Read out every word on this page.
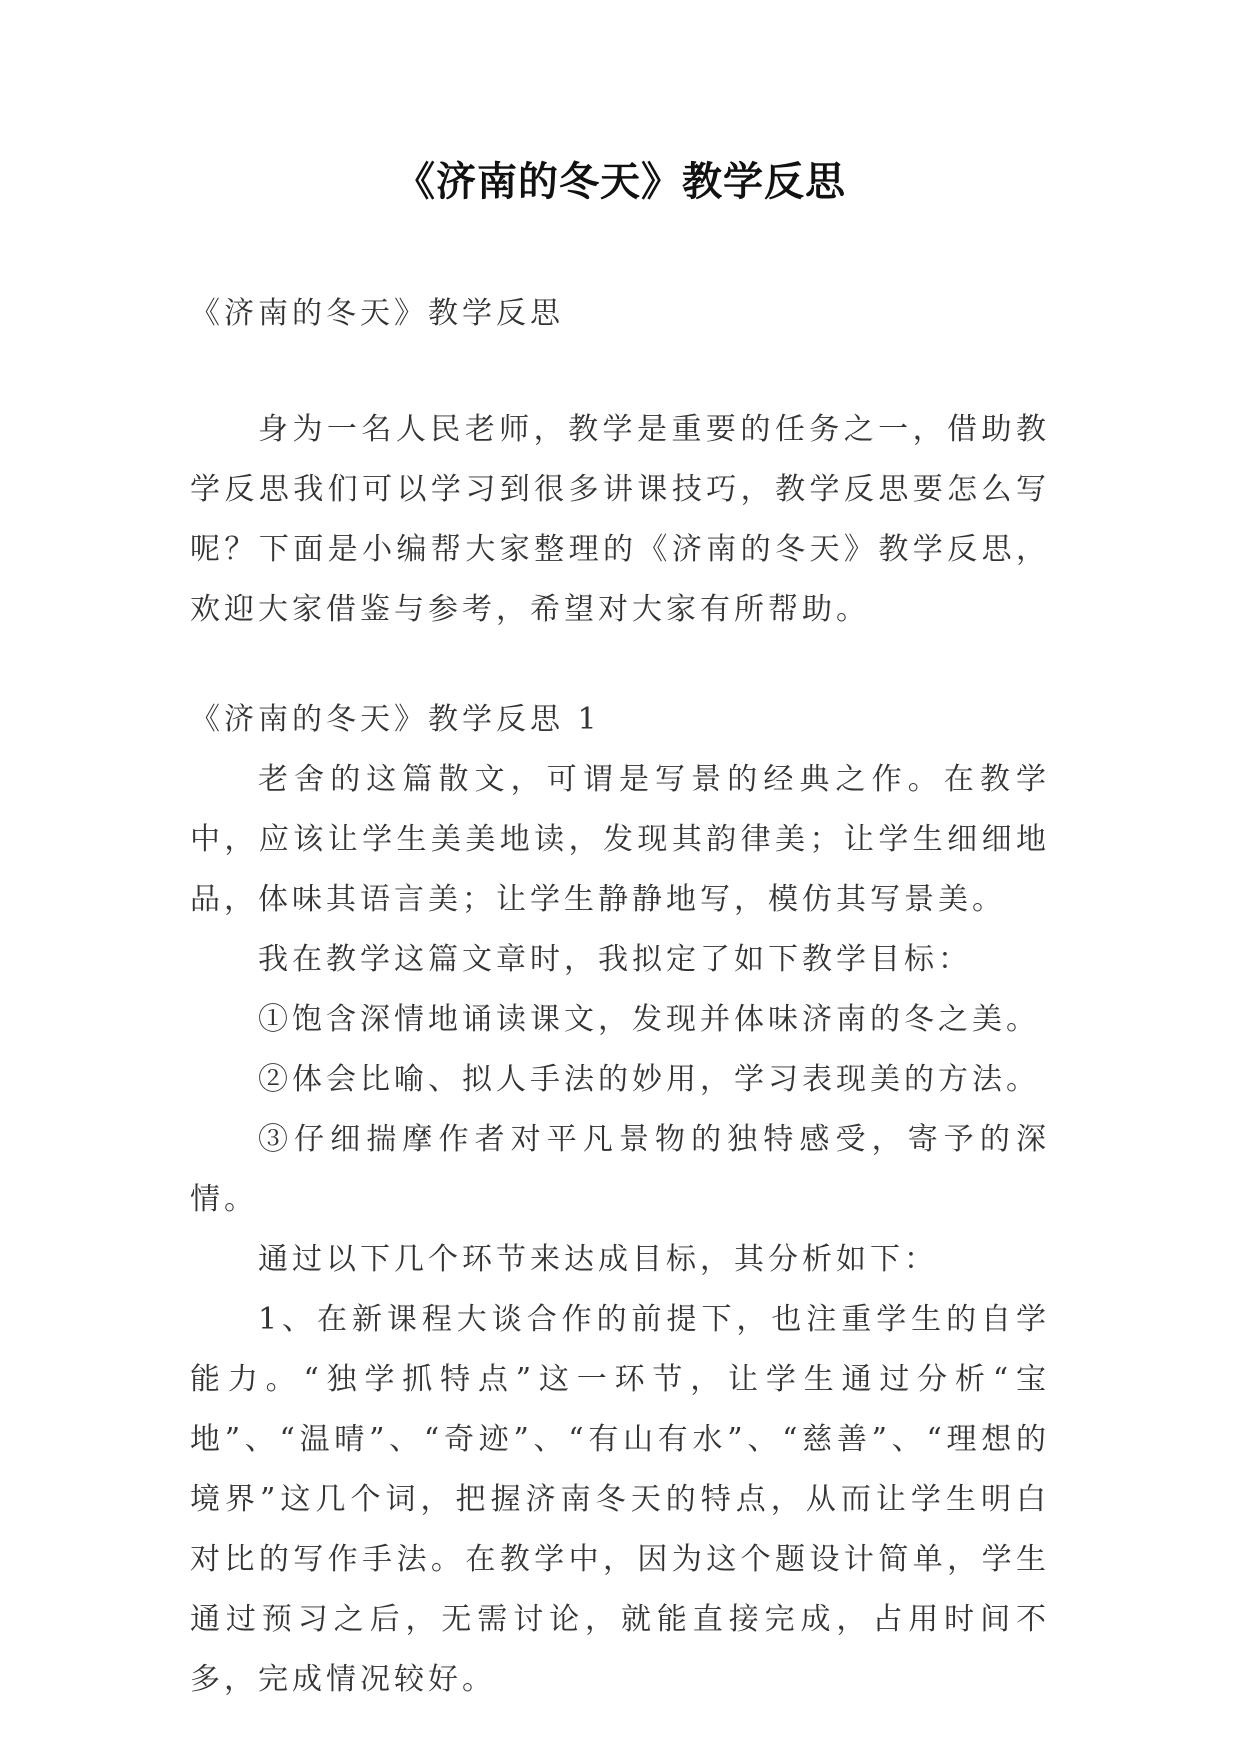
《济南的冬天》教学反思

《济南的冬天》教学反思

身为一名人民老师，教学是重要的任务之一，借助教学反思我们可以学习到很多讲课技巧，教学反思要怎么写呢？下面是小编帮大家整理的《济南的冬天》教学反思，欢迎大家借鉴与参考，希望对大家有所帮助。

《济南的冬天》教学反思 1

老舍的这篇散文，可谓是写景的经典之作。在教学中，应该让学生美美地读，发现其韵律美；让学生细细地品，体味其语言美；让学生静静地写，模仿其写景美。

我在教学这篇文章时，我拟定了如下教学目标：

①饱含深情地诵读课文，发现并体味济南的冬之美。

②体会比喻、拟人手法的妙用，学习表现美的方法。

③仔细揣摩作者对平凡景物的独特感受，寄予的深情。

通过以下几个环节来达成目标，其分析如下：

1、在新课程大谈合作的前提下，也注重学生的自学能力。“独学抓特点”这一环节，让学生通过分析“宝地”、“温晴”、“奇迹”、“有山有水”、“慈善”、“理想的境界”这几个词，把握济南冬天的特点，从而让学生明白对比的写作手法。在教学中，因为这个题设计简单，学生通过预习之后，无需讨论，就能直接完成，占用时间不多，完成情况较好。
